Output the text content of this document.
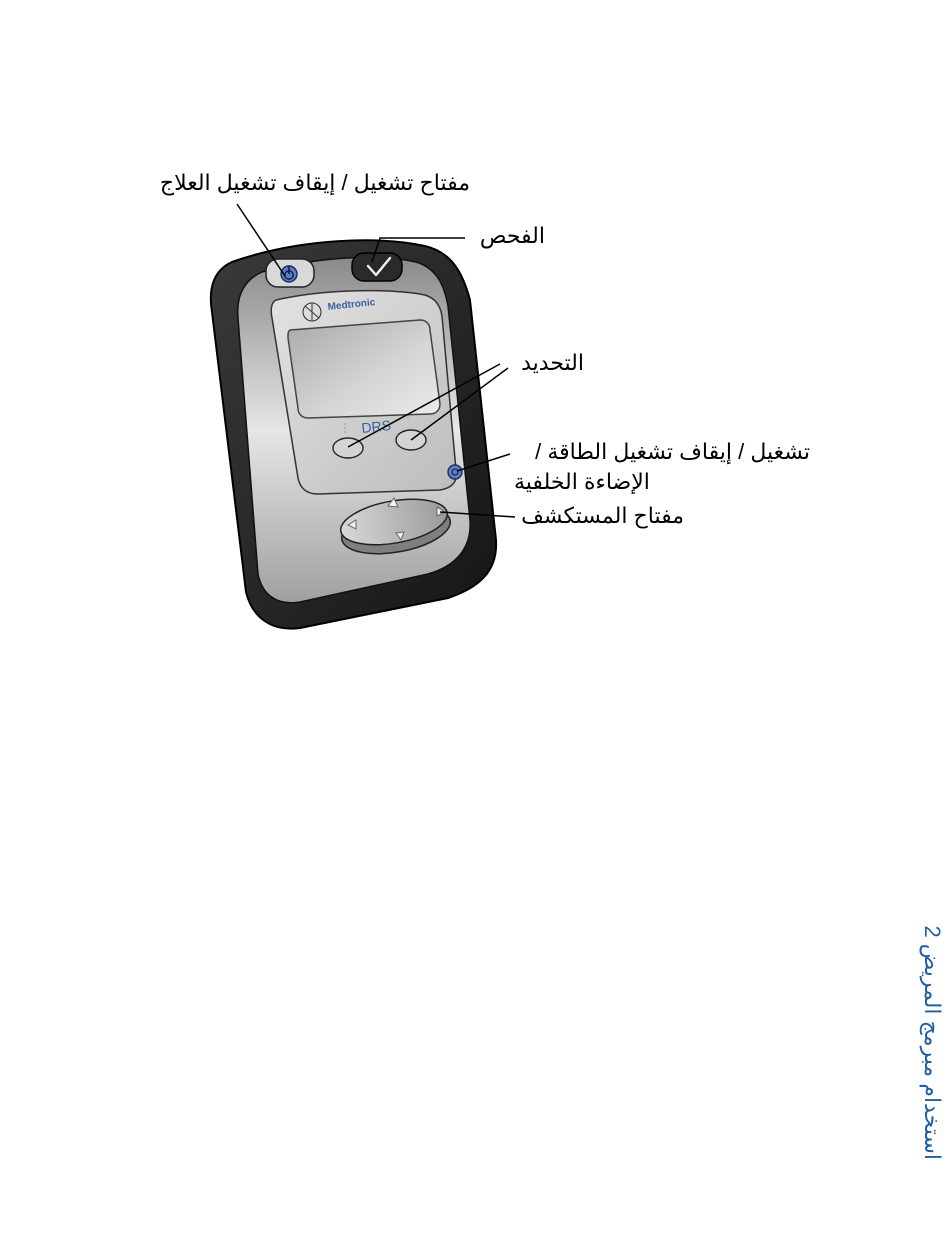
Medtronic
DRS
مفتاح تشغيل / إيقاف تشغيل العلاج
الفحص
التحديد
تشغيل / إيقاف تشغيل الطاقة /
الإضاءة الخلفية
مفتاح المستكشف
استخدام مبرمج المريض 2
